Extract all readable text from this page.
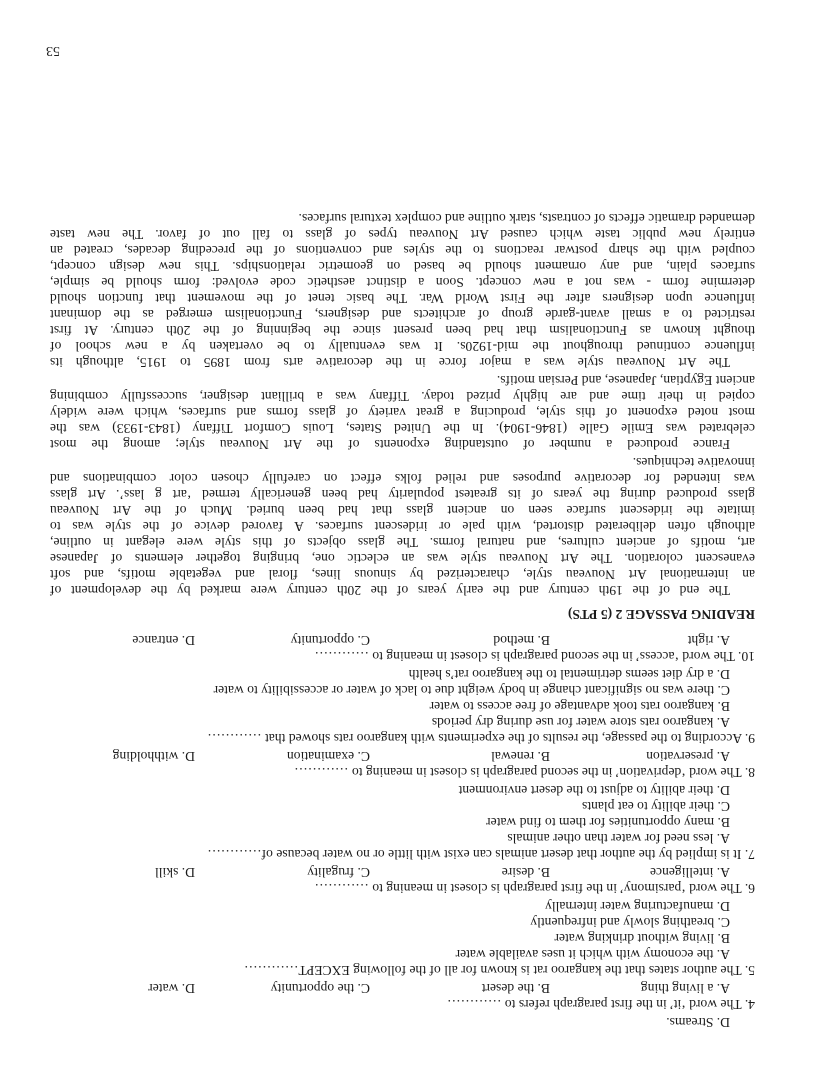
D. Streams.
4. The word ‘it’ in the first paragraph refers to …………
A. a living thing
B. the desert
C. the opportunity
D. water
5. The author states that the kangaroo rat is known for all of the following EXCEPT…………
A. the economy with which it uses available water
B. living without drinking water
C. breathing slowly and infrequently
D. manufacturing water internally
6. The word ‘parsimony’ in the first paragraph is closest in meaning to …………
A. intelligence
B. desire
C. frugality
D. skill
7. It is implied by the author that desert animals can exist with little or no water because of…………
A. less need for water than other animals
B. many opportunities for them to find water
C. their ability to eat plants
D. their ability to adjust to the desert environment
8. The word ‘deprivation’ in the second paragraph is closest in meaning to …………
A. preservation
B. renewal
C. examination
D. withholding
9. According to the passage, the results of the experiments with kangaroo rats showed that …………
A. kangaroo rats store water for use during dry periods
B. kangaroo rats took advantage of free access to water
C. there was no significant change in body weight due to lack of water or accessibility to water
D. a dry diet seems detrimental to the kangaroo rat’s health
10. The word ‘access’ in the second paragraph is closest in meaning to …………
A. right
B. method
C. opportunity
D. entrance
READING PASSAGE 2 (5 PTS)
The end of the 19th century and the early years of the 20th century were marked by the development of
an international Art Nouveau style, characterized by sinuous lines, floral and vegetable motifs, and soft
evanescent coloration. The Art Nouveau style was an eclectic one, bringing together elements of Japanese
art, motifs of ancient cultures, and natural forms. The glass objects of this style were elegant in outline,
although often deliberated distorted, with pale or iridescent surfaces. A favored device of the style was to
imitate the iridescent surface seen on ancient glass that had been buried. Much of the Art Nouveau
glass produced during the years of its greatest popularity had been generically termed ‘art g lass’. Art glass
was intended for decorative purposes and relied folks effect on carefully chosen color combinations and
innovative techniques.
France produced a number of outstanding exponents of the Art Nouveau style; among the most
celebrated was Emile Galle (1846-1904). In the United States, Louis Comfort Tiffany (1843-1933) was the
most noted exponent of this style, producing a great variety of glass forms and surfaces, which were widely
copied in their time and are highly prized today. Tiffany was a brilliant designer, successfully combining
ancient Egyptian, Japanese, and Persian motifs.
The Art Nouveau style was a major force in the decorative arts from 1895 to 1915, although its
influence continued throughout the mid-1920s. It was eventually to be overtaken by a new school of
thought known as Functionalism that had been present since the beginning of the 20th century. At first
restricted to a small avant-garde group of architects and designers, Functionalism emerged as the dominant
influence upon designers after the First World War. The basic tenet of the movement that function should
determine form - was not a new concept. Soon a distinct aesthetic code evolved: form should be simple,
surfaces plain, and any ornament should be based on geometric relationships. This new design concept,
coupled with the sharp postwar reactions to the styles and conventions of the preceding decades, created an
entirely new public taste which caused Art Nouveau types of glass to fall out of favor. The new taste
demanded dramatic effects of contrasts, stark outline and complex textural surfaces.
53
